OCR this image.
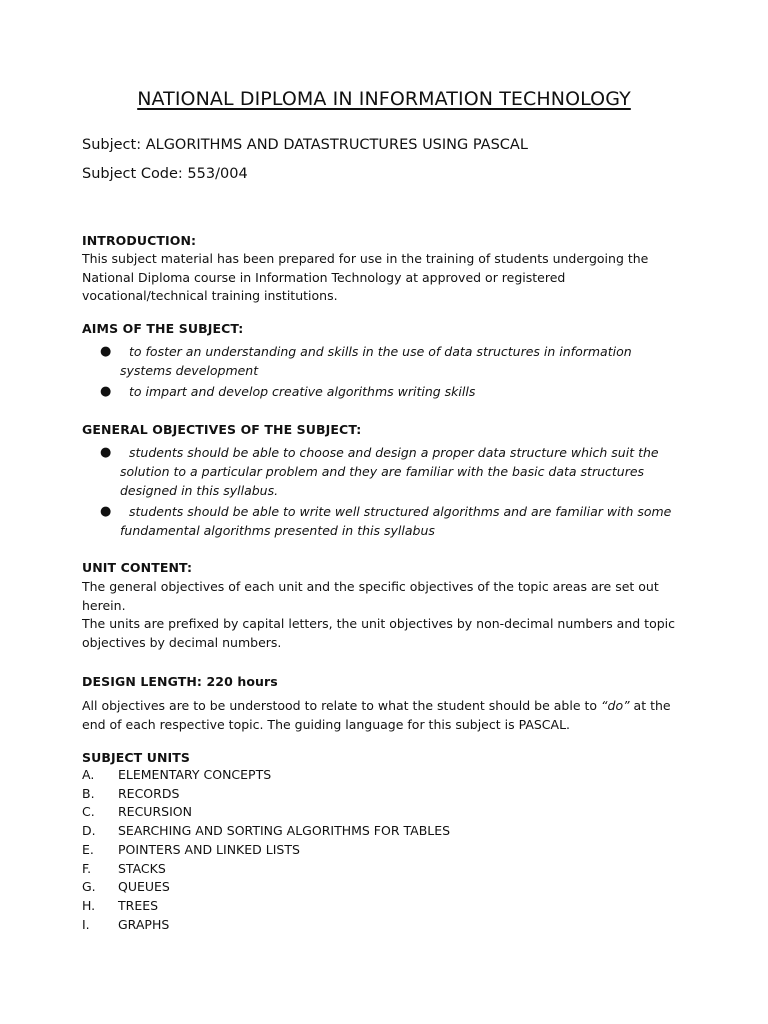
NATIONAL DIPLOMA IN INFORMATION TECHNOLOGY
Subject: ALGORITHMS AND DATASTRUCTURES USING PASCAL
Subject Code: 553/004
INTRODUCTION:
This subject material has been prepared for use in the training of students undergoing the National Diploma course in Information Technology at approved or registered vocational/technical training institutions.
AIMS OF THE SUBJECT:
● to foster an understanding and skills in the use of data structures in information systems development
● to impart and develop creative algorithms writing skills
GENERAL OBJECTIVES OF THE SUBJECT:
● students should be able to choose and design a proper data structure which suit the solution to a particular problem and they are familiar with the basic data structures designed in this syllabus.
● students should be able to write well structured algorithms and are familiar with some fundamental algorithms presented in this syllabus
UNIT CONTENT:
The general objectives of each unit and the specific objectives of the topic areas are set out herein.
The units are prefixed by capital letters, the unit objectives by non-decimal numbers and topic objectives by decimal numbers.
DESIGN LENGTH: 220 hours
All objectives are to be understood to relate to what the student should be able to “do” at the end of each respective topic. The guiding language for this subject is PASCAL.
SUBJECT UNITS
A. ELEMENTARY CONCEPTS
B. RECORDS
C. RECURSION
D. SEARCHING AND SORTING ALGORITHMS FOR TABLES
E. POINTERS AND LINKED LISTS
F. STACKS
G. QUEUES
H. TREES
I. GRAPHS
